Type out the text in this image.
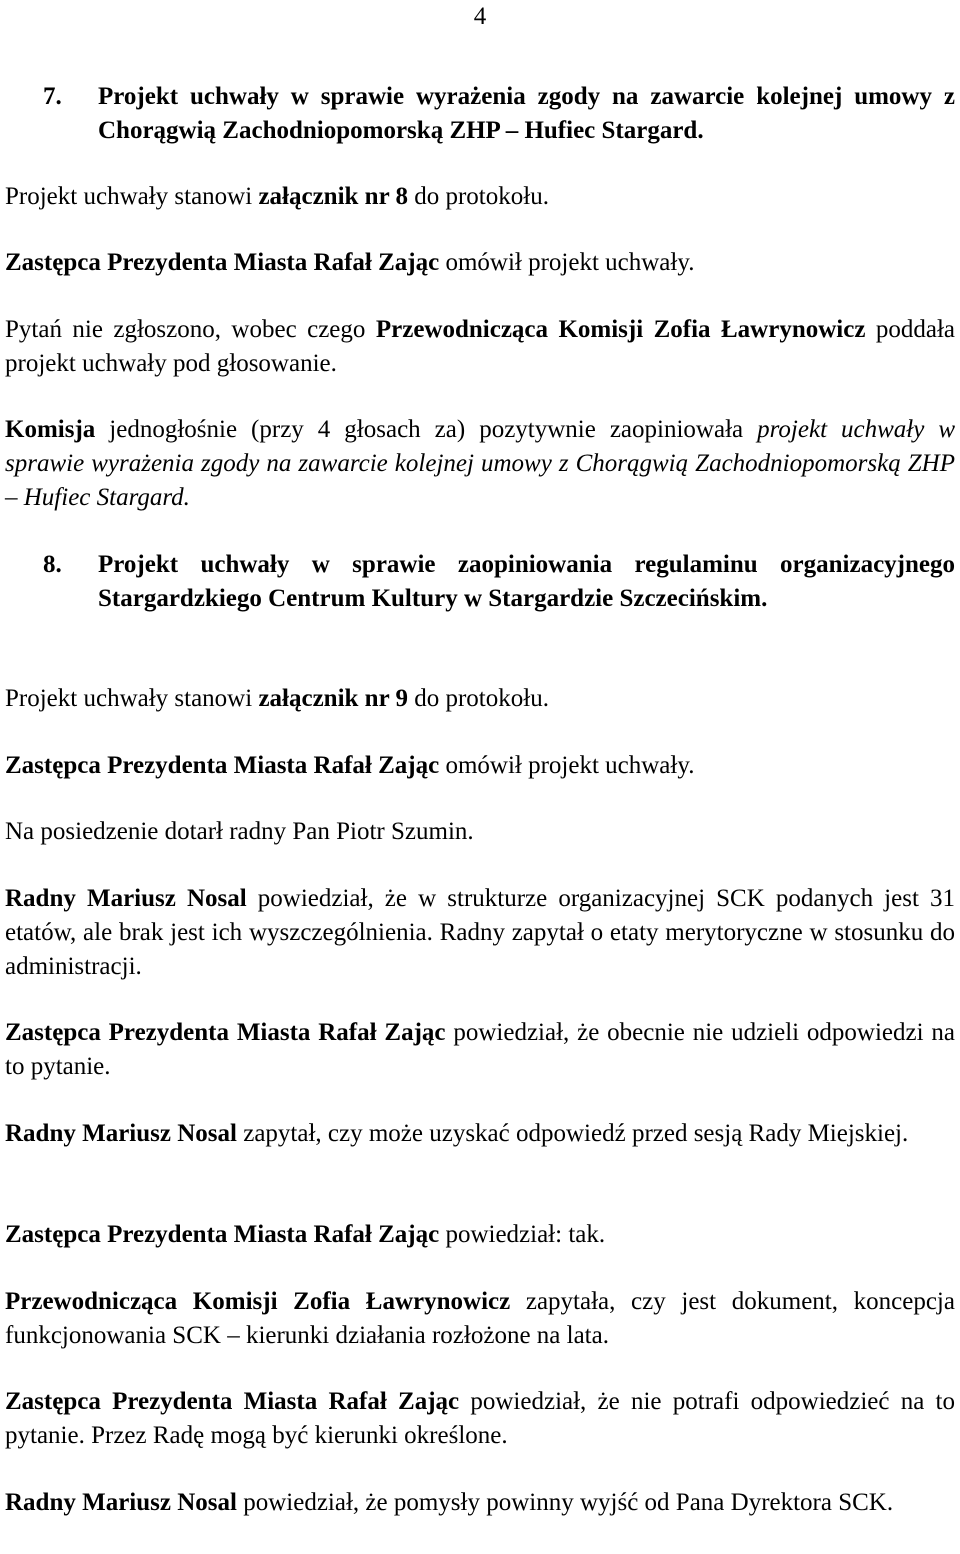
4
7. Projekt uchwały w sprawie wyrażenia zgody na zawarcie kolejnej umowy z Chorągwią Zachodniopomorską ZHP – Hufiec Stargard.

Projekt uchwały stanowi załącznik nr 8 do protokołu.

Zastępca Prezydenta Miasta Rafał Zając omówił projekt uchwały.

Pytań nie zgłoszono, wobec czego Przewodnicząca Komisji Zofia Ławrynowicz poddała projekt uchwały pod głosowanie.

Komisja jednogłośnie (przy 4 głosach za) pozytywnie zaopiniowała projekt uchwały w sprawie wyrażenia zgody na zawarcie kolejnej umowy z Chorągwią Zachodniopomorską ZHP – Hufiec Stargard.

8. Projekt uchwały w sprawie zaopiniowania regulaminu organizacyjnego Stargardzkiego Centrum Kultury w Stargardzie Szczecińskim.

Projekt uchwały stanowi załącznik nr 9 do protokołu.

Zastępca Prezydenta Miasta Rafał Zając omówił projekt uchwały.

Na posiedzenie dotarł radny Pan Piotr Szumin.

Radny Mariusz Nosal powiedział, że w strukturze organizacyjnej SCK podanych jest 31 etatów, ale brak jest ich wyszczególnienia. Radny zapytał o etaty merytoryczne w stosunku do administracji.

Zastępca Prezydenta Miasta Rafał Zając powiedział, że obecnie nie udzieli odpowiedzi na to pytanie.

Radny Mariusz Nosal zapytał, czy może uzyskać odpowiedź przed sesją Rady Miejskiej.

Zastępca Prezydenta Miasta Rafał Zając powiedział: tak.

Przewodnicząca Komisji Zofia Ławrynowicz zapytała, czy jest dokument, koncepcja funkcjonowania SCK – kierunki działania rozłożone na lata.

Zastępca Prezydenta Miasta Rafał Zając powiedział, że nie potrafi odpowiedzieć na to pytanie. Przez Radę mogą być kierunki określone.

Radny Mariusz Nosal powiedział, że pomysły powinny wyjść od Pana Dyrektora SCK.
